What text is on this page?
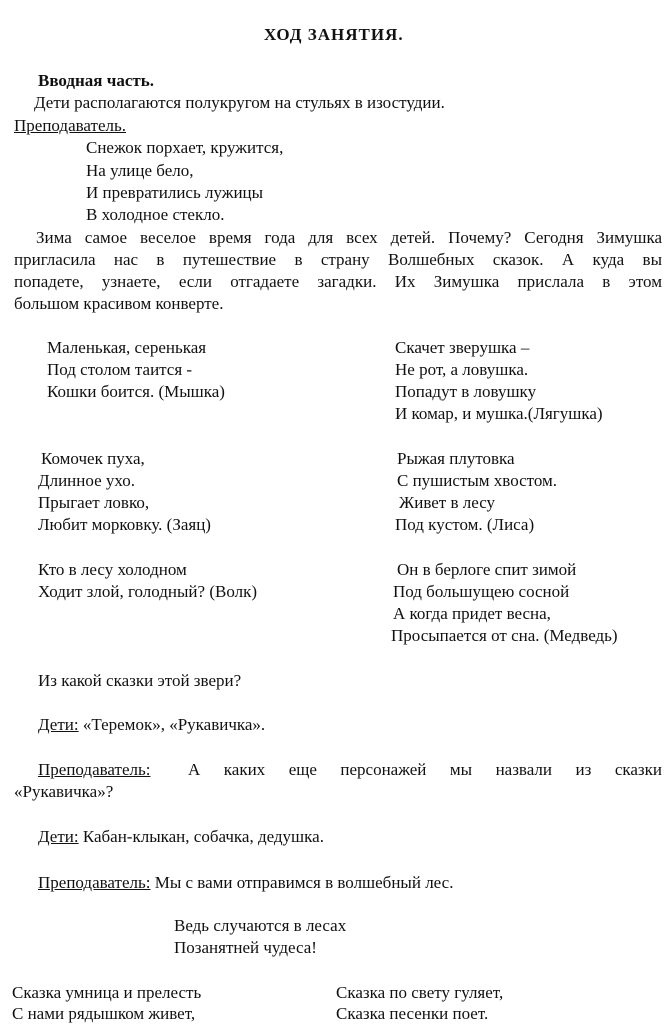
ХОД ЗАНЯТИЯ.
Вводная часть.
Дети располагаются полукругом на стульях в изостудии.
Преподаватель.
Снежок порхает, кружится,
На улице бело,
И превратились лужицы
В холодное стекло.
Зима самое веселое время года для всех детей. Почему? Сегодня Зимушка
пригласила нас в путешествие в страну Волшебных сказок. А куда вы
попадете, узнаете, если отгадаете загадки. Их Зимушка прислала в этом
большом красивом конверте.
Маленькая, серенькая
Под столом таится -
Кошки боится. (Мышка)
Скачет зверушка –
Не рот, а ловушка.
Попадут в ловушку
И комар, и мушка.(Лягушка)
Комочек пуха,
Длинное ухо.
Прыгает ловко,
Любит морковку. (Заяц)
Рыжая плутовка
С пушистым хвостом.
Живет в лесу
Под кустом. (Лиса)
Кто в лесу холодном
Ходит злой, голодный? (Волк)
Он в берлоге спит зимой
Под большущею сосной
А когда придет весна,
Просыпается от сна. (Медведь)
Из какой сказки этой звери?
Дети: «Теремок», «Рукавичка».
Преподаватель: А каких еще персонажей мы назвали из сказки
«Рукавичка»?
Дети: Кабан-клыкан, собачка, дедушка.
Преподаватель: Мы с вами отправимся в волшебный лес.
Ведь случаются в лесах
Позанятней чудеса!
Сказка умница и прелесть
С нами рядышком живет,
Сказка по свету гуляет,
Сказка песенки поет.
